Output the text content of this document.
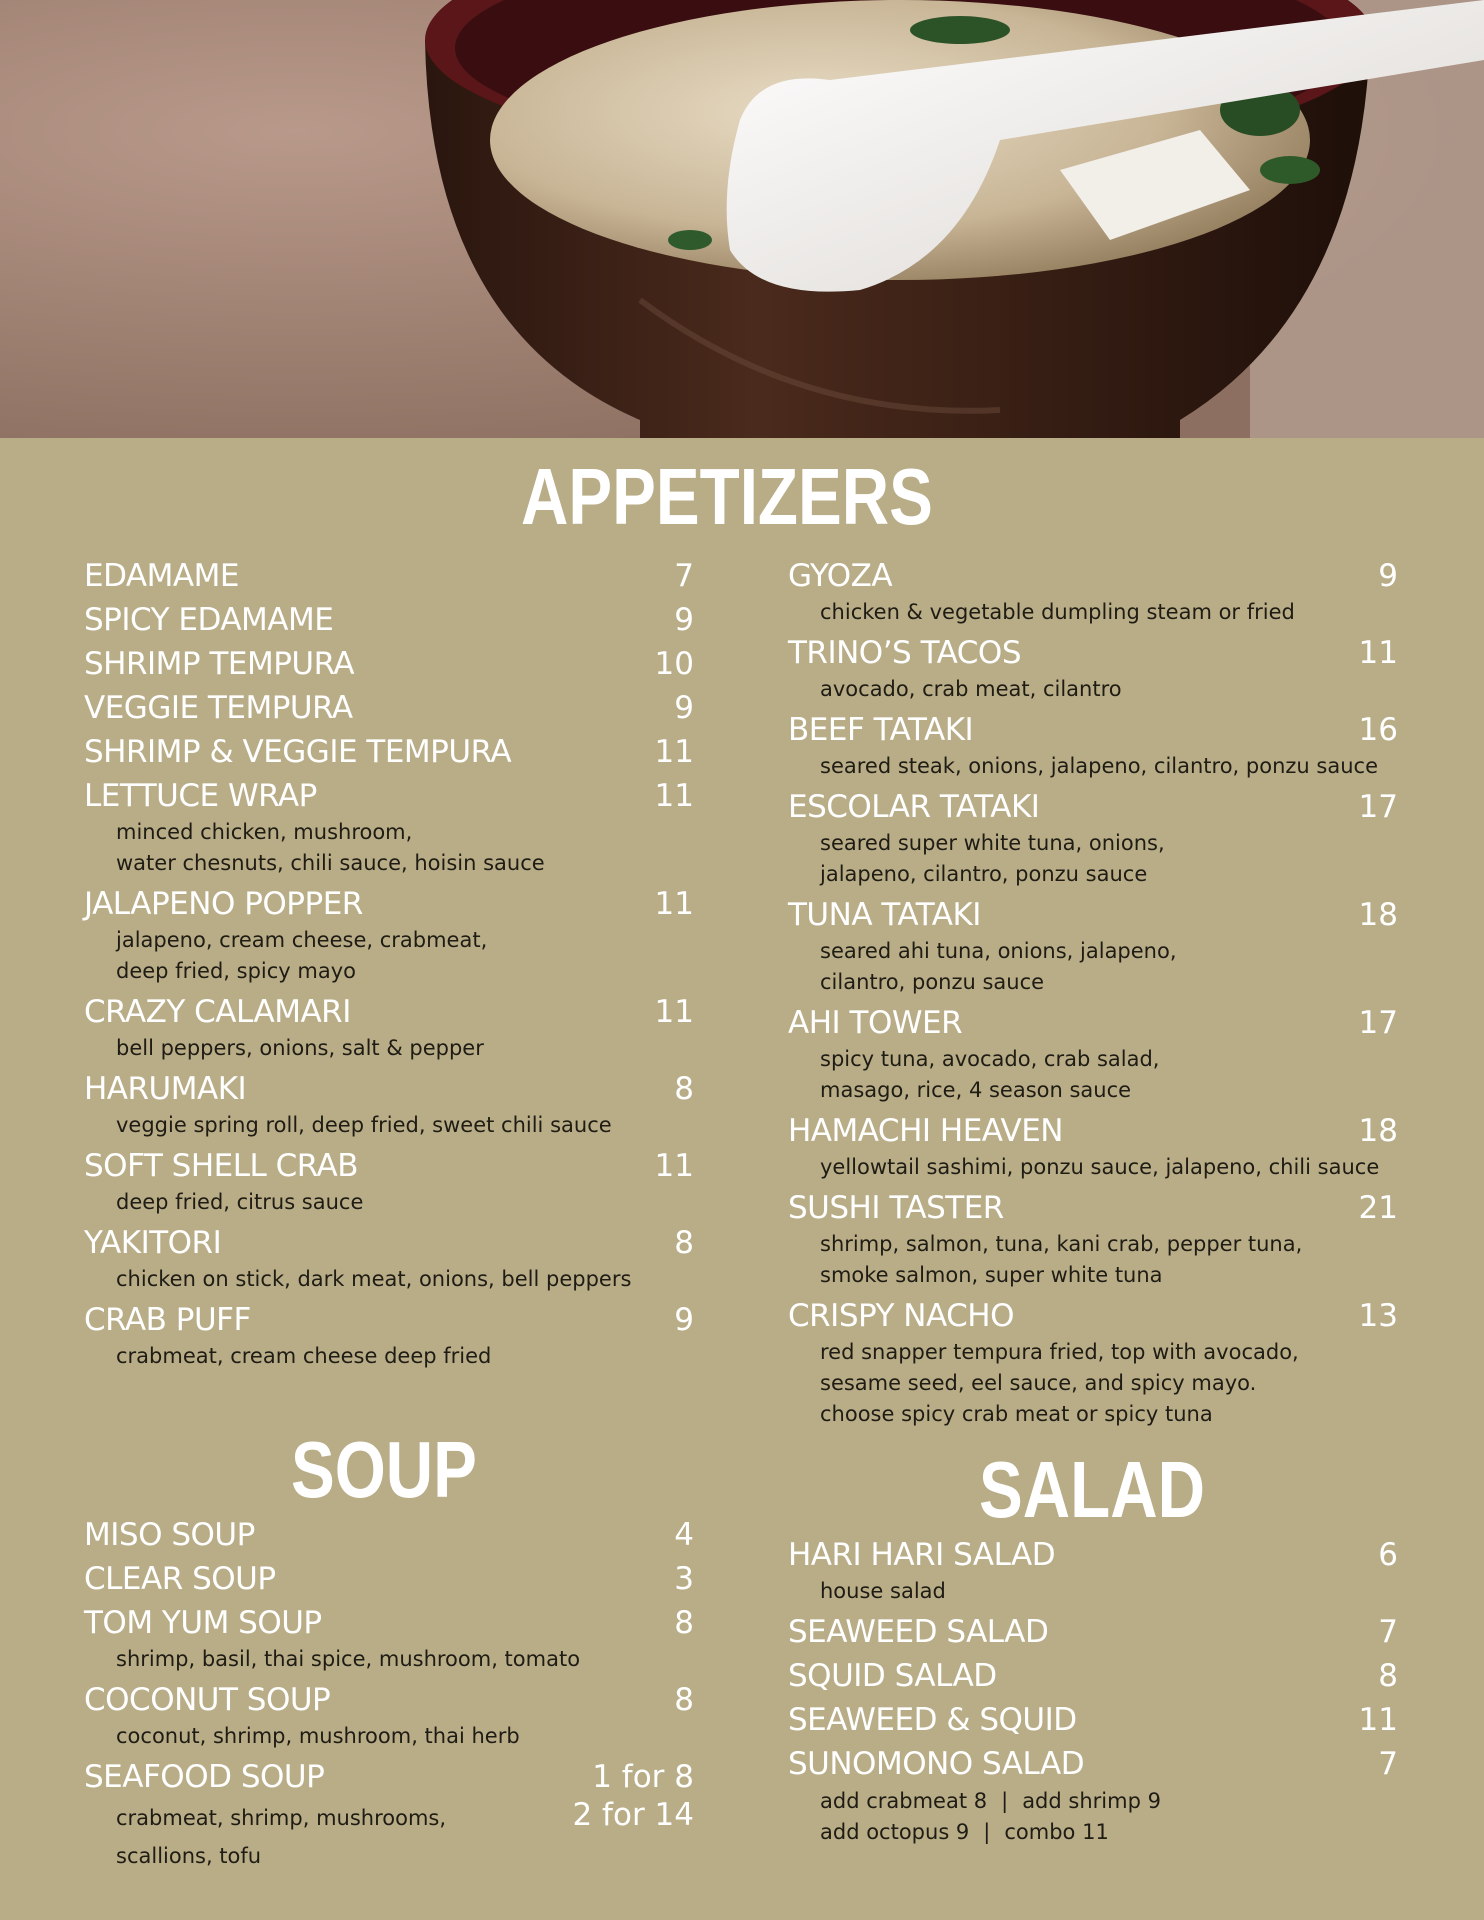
APPETIZERS
EDAMAME	7
SPICY EDAMAME	9
SHRIMP TEMPURA	10
VEGGIE TEMPURA	9
SHRIMP & VEGGIE TEMPURA	11
LETTUCE WRAP	11
minced chicken, mushroom,
water chesnuts, chili sauce, hoisin sauce
JALAPENO POPPER	11
jalapeno, cream cheese, crabmeat,
deep fried, spicy mayo
CRAZY CALAMARI	11
bell peppers, onions, salt & pepper
HARUMAKI	8
veggie spring roll, deep fried, sweet chili sauce
SOFT SHELL CRAB	11
deep fried, citrus sauce
YAKITORI	8
chicken on stick, dark meat, onions, bell peppers
CRAB PUFF	9
crabmeat, cream cheese deep fried
GYOZA	9
chicken & vegetable dumpling steam or fried
TRINO’S TACOS	11
avocado, crab meat, cilantro
BEEF TATAKI	16
seared steak, onions, jalapeno, cilantro, ponzu sauce
ESCOLAR TATAKI	17
seared super white tuna, onions,
jalapeno, cilantro, ponzu sauce
TUNA TATAKI	18
seared ahi tuna, onions, jalapeno,
cilantro, ponzu sauce
AHI TOWER	17
spicy tuna, avocado, crab salad,
masago, rice, 4 season sauce
HAMACHI HEAVEN	18
yellowtail sashimi, ponzu sauce, jalapeno, chili sauce
SUSHI TASTER	21
shrimp, salmon, tuna, kani crab, pepper tuna,
smoke salmon, super white tuna
CRISPY NACHO	13
red snapper tempura fried, top with avocado,
sesame seed, eel sauce, and spicy mayo.
choose spicy crab meat or spicy tuna
SOUP
MISO SOUP	4
CLEAR SOUP	3
TOM YUM SOUP	8
shrimp, basil, thai spice, mushroom, tomato
COCONUT SOUP	8
coconut, shrimp, mushroom, thai herb
SEAFOOD SOUP	1 for 8
crabmeat, shrimp, mushrooms,
scallions, tofu
2 for 14
SALAD
HARI HARI SALAD	6
house salad
SEAWEED SALAD	7
SQUID SALAD	8
SEAWEED & SQUID	11
SUNOMONO SALAD	7
add crabmeat 8 | add shrimp 9
add octopus 9 | combo 11
